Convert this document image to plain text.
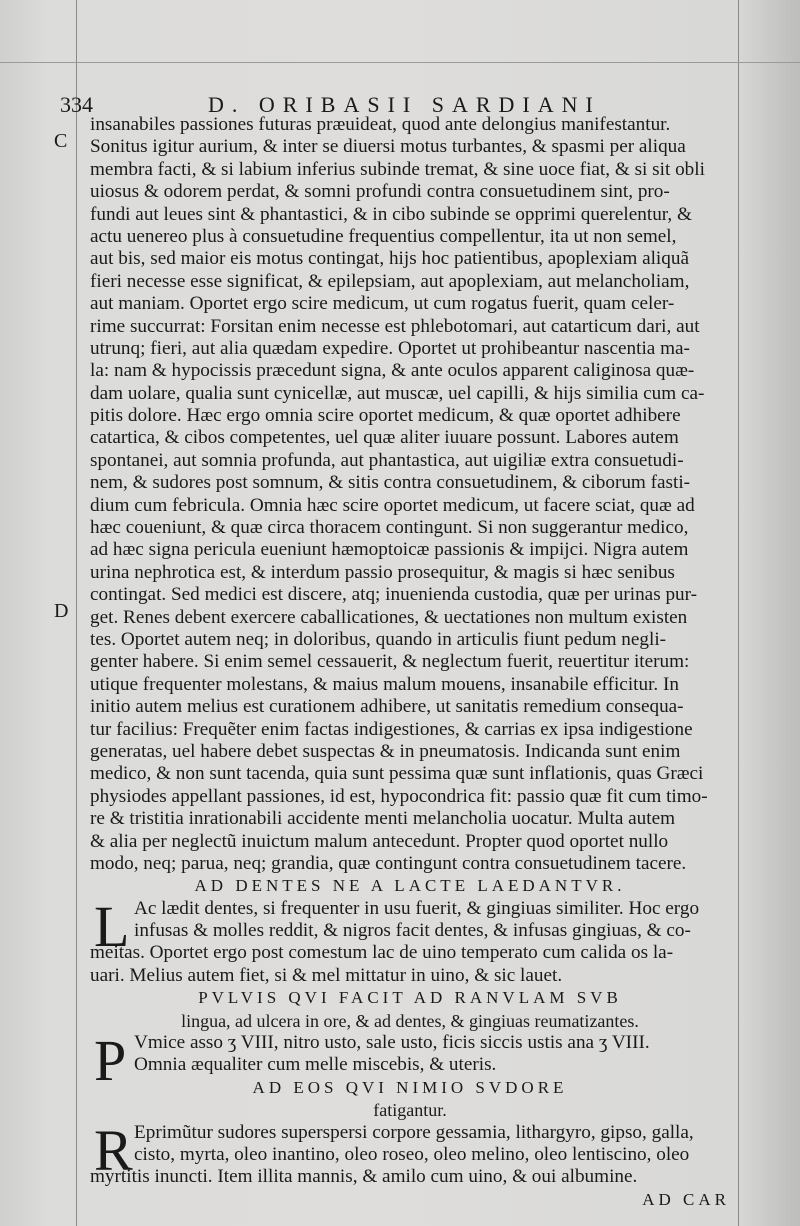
334	D. ORIBASII SARDIANI
C
D
insanabiles passiones futuras præuideat, quod ante delongius manifestantur.
Sonitus igitur aurium, & inter se diuersi motus turbantes, & spasmi per aliqua
membra facti, & si labium inferius subinde tremat, & sine uoce fiat, & si sit obli
uiosus & odorem perdat, & somni profundi contra consuetudinem sint, pro-
fundi aut leues sint & phantastici, & in cibo subinde se opprimi querelentur, &
actu uenereo plus à consuetudine frequentius compellentur, ita ut non semel,
aut bis, sed maior eis motus contingat, hijs hoc patientibus, apoplexiam aliquã
fieri necesse esse significat, & epilepsiam, aut apoplexiam, aut melancholiam,
aut maniam. Oportet ergo scire medicum, ut cum rogatus fuerit, quam celer-
rime succurrat: Forsitan enim necesse est phlebotomari, aut catarticum dari, aut
utrunq; fieri, aut alia quædam expedire. Oportet ut prohibeantur nascentia ma-
la: nam & hypocissis præcedunt signa, & ante oculos apparent caliginosa quæ-
dam uolare, qualia sunt cynicellæ, aut muscæ, uel capilli, & hijs similia cum ca-
pitis dolore. Hæc ergo omnia scire oportet medicum, & quæ oportet adhibere
catartica, & cibos competentes, uel quæ aliter iuuare possunt. Labores autem
spontanei, aut somnia profunda, aut phantastica, aut uigiliæ extra consuetudi-
nem, & sudores post somnum, & sitis contra consuetudinem, & ciborum fasti-
dium cum febricula. Omnia hæc scire oportet medicum, ut facere sciat, quæ ad
hæc coueniunt, & quæ circa thoracem contingunt. Si non suggerantur medico,
ad hæc signa pericula eueniunt hæmoptoicæ passionis & impijci. Nigra autem
urina nephrotica est, & interdum passio prosequitur, & magis si hæc senibus
contingat. Sed medici est discere, atq; inuenienda custodia, quæ per urinas pur-
get. Renes debent exercere caballicationes, & uectationes non multum existen
tes. Oportet autem neq; in doloribus, quando in articulis fiunt pedum negli-
genter habere. Si enim semel cessauerit, & neglectum fuerit, reuertitur iterum:
utique frequenter molestans, & maius malum mouens, insanabile efficitur. In
initio autem melius est curationem adhibere, ut sanitatis remedium consequa-
tur facilius: Frequẽter enim factas indigestiones, & carrias ex ipsa indigestione
generatas, uel habere debet suspectas & in pneumatosis. Indicanda sunt enim
medico, & non sunt tacenda, quia sunt pessima quæ sunt inflationis, quas Græci
physiodes appellant passiones, id est, hypocondrica fit: passio quæ fit cum timo-
re & tristitia inrationabili accidente menti melancholia uocatur. Multa autem
& alia per neglectũ inuictum malum antecedunt. Propter quod oportet nullo
modo, neq; parua, neq; grandia, quæ contingunt contra consuetudinem tacere.
AD DENTES NE A LACTE LAEDANTVR.
L Ac lædit dentes, si frequenter in usu fuerit, & gingiuas similiter. Hoc ergo
infusas & molles reddit, & nigros facit dentes, & infusas gingiuas, & co-
meitas. Oportet ergo post comestum lac de uino temperato cum calida os la-
uari. Melius autem fiet, si & mel mittatur in uino, & sic lauet.
PVLVIS QVI FACIT AD RANVLAM SVB
lingua, ad ulcera in ore, & ad dentes, & gingiuas reumatizantes.
P Vmice asso ʒ VIII, nitro usto, sale usto, ficis siccis ustis ana ʒ VIII.
Omnia æqualiter cum melle miscebis, & uteris.
AD EOS QVI NIMIO SVDORE
fatigantur.
R Eprimũtur sudores superspersi corpore gessamia, lithargyro, gipso, galla,
cisto, myrta, oleo inantino, oleo roseo, oleo melino, oleo lentiscino, oleo
myrtitis inuncti. Item illita mannis, & amilo cum uino, & oui albumine.
AD CAR
